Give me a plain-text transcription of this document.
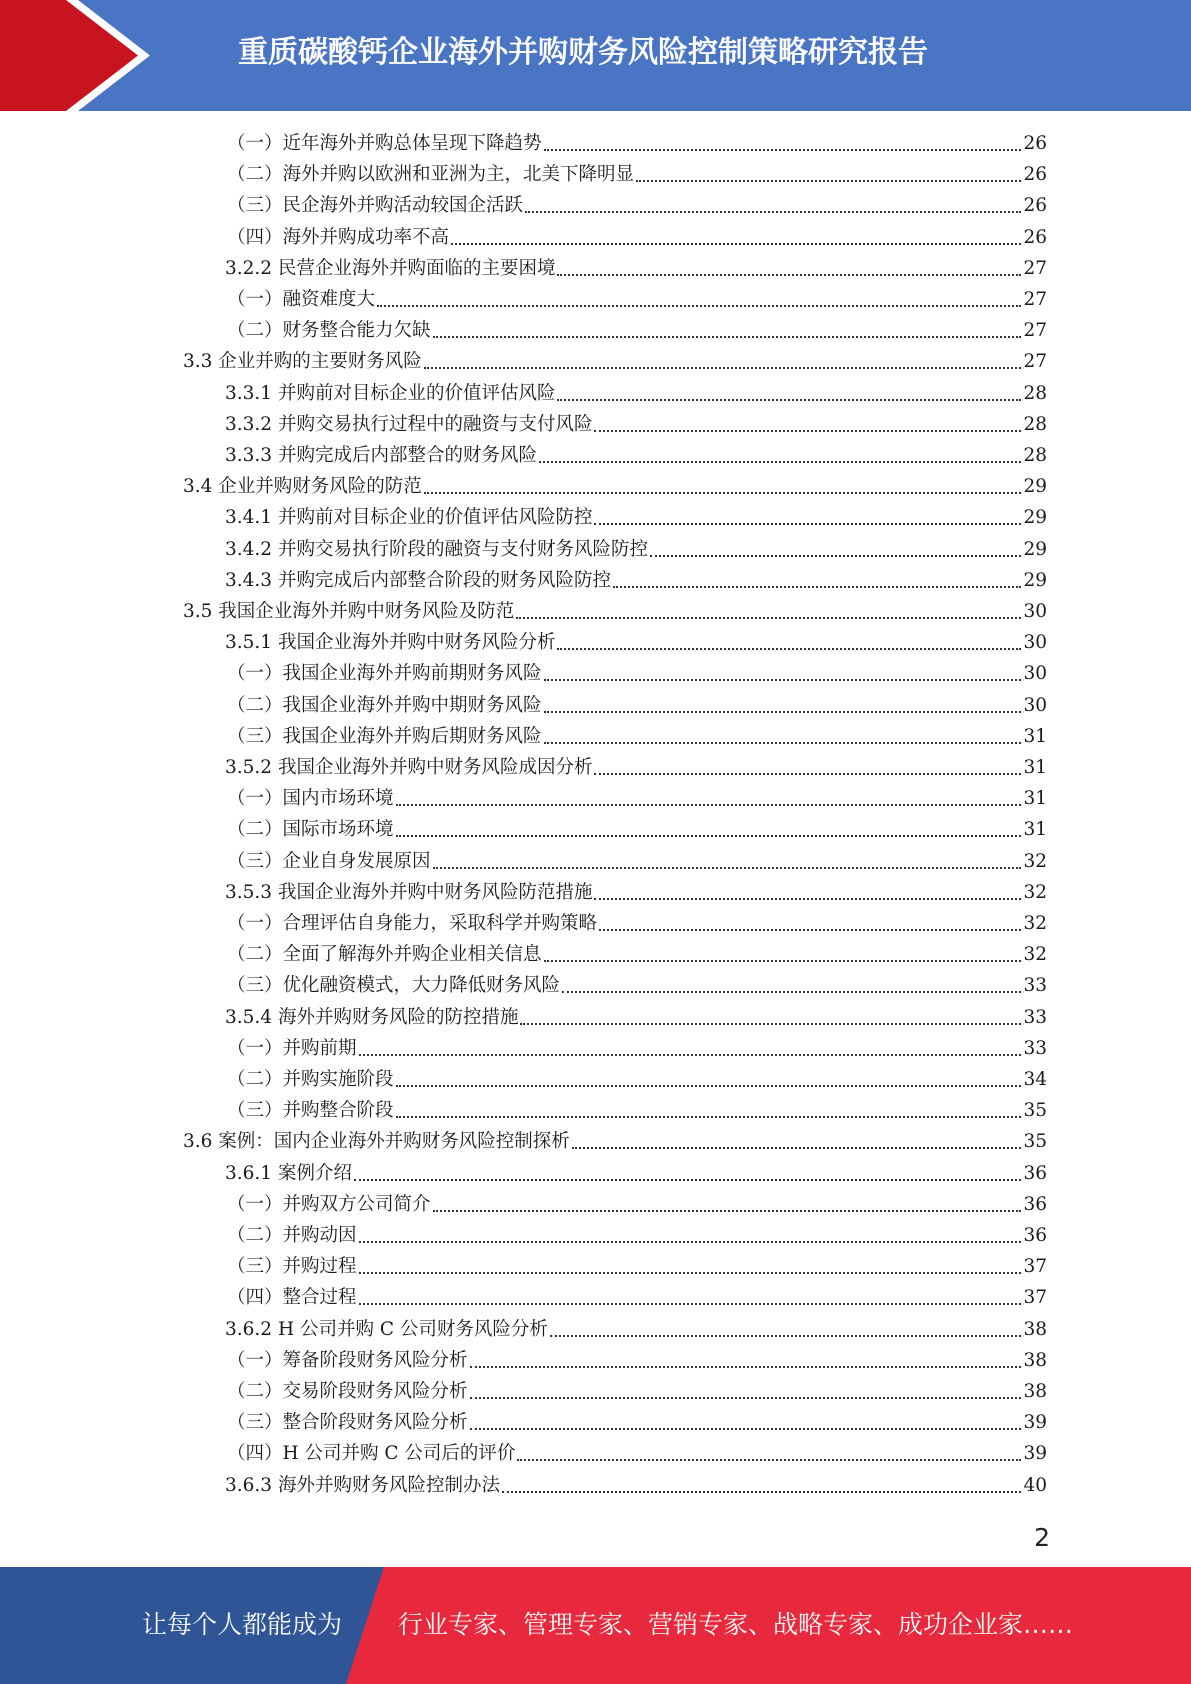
重质碳酸钙企业海外并购财务风险控制策略研究报告
（一）近年海外并购总体呈现下降趋势	26
（二）海外并购以欧洲和亚洲为主，北美下降明显	26
（三）民企海外并购活动较国企活跃	26
（四）海外并购成功率不高	26
3.2.2 民营企业海外并购面临的主要困境	27
（一）融资难度大	27
（二）财务整合能力欠缺	27
3.3 企业并购的主要财务风险	27
3.3.1 并购前对目标企业的价值评估风险	28
3.3.2 并购交易执行过程中的融资与支付风险	28
3.3.3 并购完成后内部整合的财务风险	28
3.4 企业并购财务风险的防范	29
3.4.1 并购前对目标企业的价值评估风险防控	29
3.4.2 并购交易执行阶段的融资与支付财务风险防控	29
3.4.3 并购完成后内部整合阶段的财务风险防控	29
3.5 我国企业海外并购中财务风险及防范	30
3.5.1 我国企业海外并购中财务风险分析	30
（一）我国企业海外并购前期财务风险	30
（二）我国企业海外并购中期财务风险	30
（三）我国企业海外并购后期财务风险	31
3.5.2 我国企业海外并购中财务风险成因分析	31
（一）国内市场环境	31
（二）国际市场环境	31
（三）企业自身发展原因	32
3.5.3 我国企业海外并购中财务风险防范措施	32
（一）合理评估自身能力，采取科学并购策略	32
（二）全面了解海外并购企业相关信息	32
（三）优化融资模式，大力降低财务风险	33
3.5.4 海外并购财务风险的防控措施	33
（一）并购前期	33
（二）并购实施阶段	34
（三）并购整合阶段	35
3.6 案例：国内企业海外并购财务风险控制探析	35
3.6.1 案例介绍	36
（一）并购双方公司简介	36
（二）并购动因	36
（三）并购过程	37
（四）整合过程	37
3.6.2 H 公司并购 C 公司财务风险分析	38
（一）筹备阶段财务风险分析	38
（二）交易阶段财务风险分析	38
（三）整合阶段财务风险分析	39
（四）H 公司并购 C 公司后的评价	39
3.6.3 海外并购财务风险控制办法	40
2
让每个人都能成为 行业专家、管理专家、营销专家、战略专家、成功企业家……
